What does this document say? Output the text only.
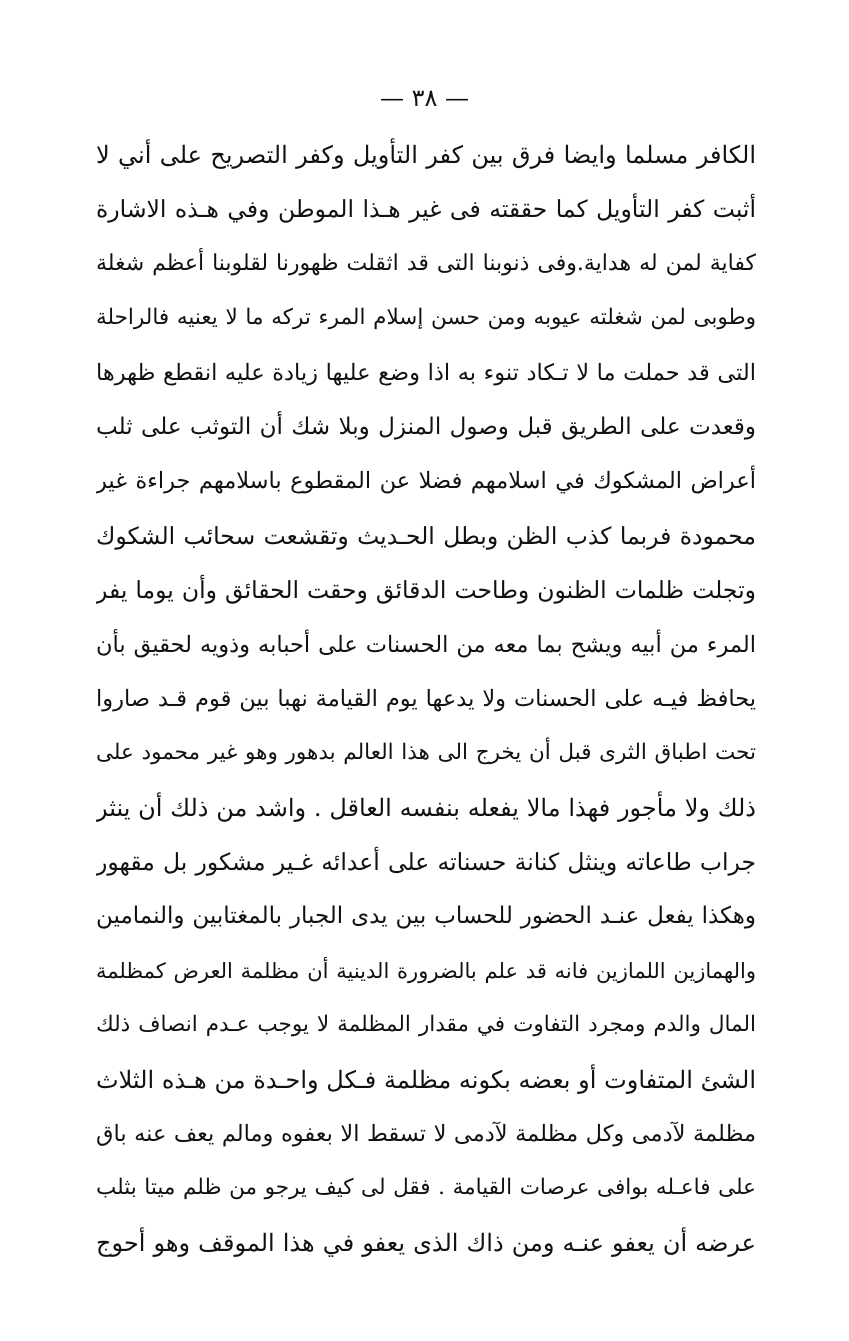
— ٣٨ —
الكافر مسلما وايضا فرق بين كفر التأويل وكفر التصريح على أني لا
أثبت كفر التأويل كما حققته فى غير هـذا الموطن وفي هـذه الاشارة
كفاية لمن له هداية.وفى ذنوبنا التى قد اثقلت ظهورنا لقلوبنا أعظم شغلة
وطوبى لمن شغلته عيوبه ومن حسن إسلام المرء تركه ما لا يعنيه فالراحلة
التى قد حملت ما لا تـكاد تنوء به اذا وضع عليها زيادة عليه انقطع ظهرها
وقعدت على الطريق قبل وصول المنزل وبلا شك أن التوثب على ثلب
أعراض المشكوك في اسلامهم فضلا عن المقطوع باسلامهم جراءة غير
محمودة فربما كذب الظن وبطل الحـديث وتقشعت سحائب الشكوك
وتجلت ظلمات الظنون وطاحت الدقائق وحقت الحقائق وأن يوما يفر
المرء من أبيه ويشح بما معه من الحسنات على أحبابه وذويه لحقيق بأن
يحافظ فيـه على الحسنات ولا يدعها يوم القيامة نهبا بين قوم قـد صاروا
تحت اطباق الثرى قبل أن يخرج الى هذا العالم بدهور وهو غير محمود على
ذلك ولا مأجور فهذا مالا يفعله بنفسه العاقل . واشد من ذلك أن ينثر
جراب طاعاته وينثل كنانة حسناته على أعدائه غـير مشكور بل مقهور
وهكذا يفعل عنـد الحضور للحساب بين يدى الجبار بالمغتابين والنمامين
والهمازين اللمازين فانه قد علم بالضرورة الدينية أن مظلمة العرض كمظلمة
المال والدم ومجرد التفاوت في مقدار المظلمة لا يوجب عـدم انصاف ذلك
الشئ المتفاوت أو بعضه بكونه مظلمة فـكل واحـدة من هـذه الثلاث
مظلمة لآدمى وكل مظلمة لآدمى لا تسقط الا بعفوه ومالم يعف عنه باق
على فاعـله بوافى عرصات القيامة . فقل لى كيف يرجو من ظلم ميتا بثلب
عرضه أن يعفو عنـه ومن ذاك الذى يعفو في هذا الموقف وهو أحوج
